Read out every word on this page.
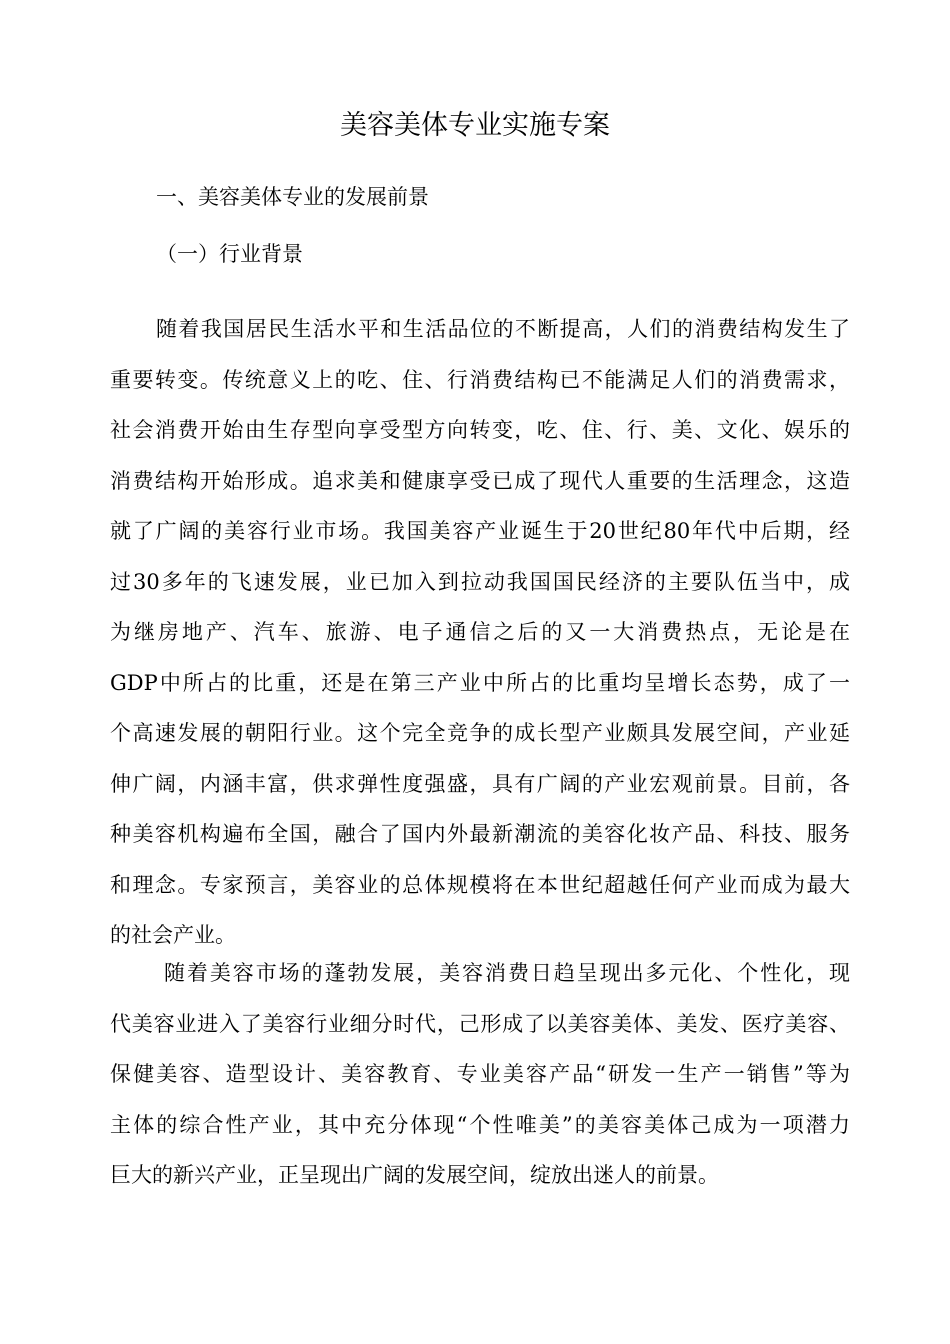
美容美体专业实施专案
一、美容美体专业的发展前景
（一）行业背景
随着我国居民生活水平和生活品位的不断提高，人们的消费结构发生了
重要转变。传统意义上的吃、住、行消费结构已不能满足人们的消费需求，
社会消费开始由生存型向享受型方向转变，吃、住、行、美、文化、娱乐的
消费结构开始形成。追求美和健康享受已成了现代人重要的生活理念，这造
就了广阔的美容行业市场。我国美容产业诞生于20世纪80年代中后期，经
过30多年的飞速发展，业已加入到拉动我国国民经济的主要队伍当中，成
为继房地产、汽车、旅游、电子通信之后的又一大消费热点，无论是在
GDP中所占的比重，还是在第三产业中所占的比重均呈增长态势，成了一
个高速发展的朝阳行业。这个完全竞争的成长型产业颇具发展空间，产业延
伸广阔，内涵丰富，供求弹性度强盛，具有广阔的产业宏观前景。目前，各
种美容机构遍布全国，融合了国内外最新潮流的美容化妆产品、科技、服务
和理念。专家预言，美容业的总体规模将在本世纪超越任何产业而成为最大
的社会产业。
随着美容市场的蓬勃发展，美容消费日趋呈现出多元化、个性化，现
代美容业进入了美容行业细分时代，己形成了以美容美体、美发、医疗美容、
保健美容、造型设计、美容教育、专业美容产品“研发一生产一销售”等为
主体的综合性产业，其中充分体现“个性唯美”的美容美体己成为一项潜力
巨大的新兴产业，正呈现出广阔的发展空间，绽放出迷人的前景。
